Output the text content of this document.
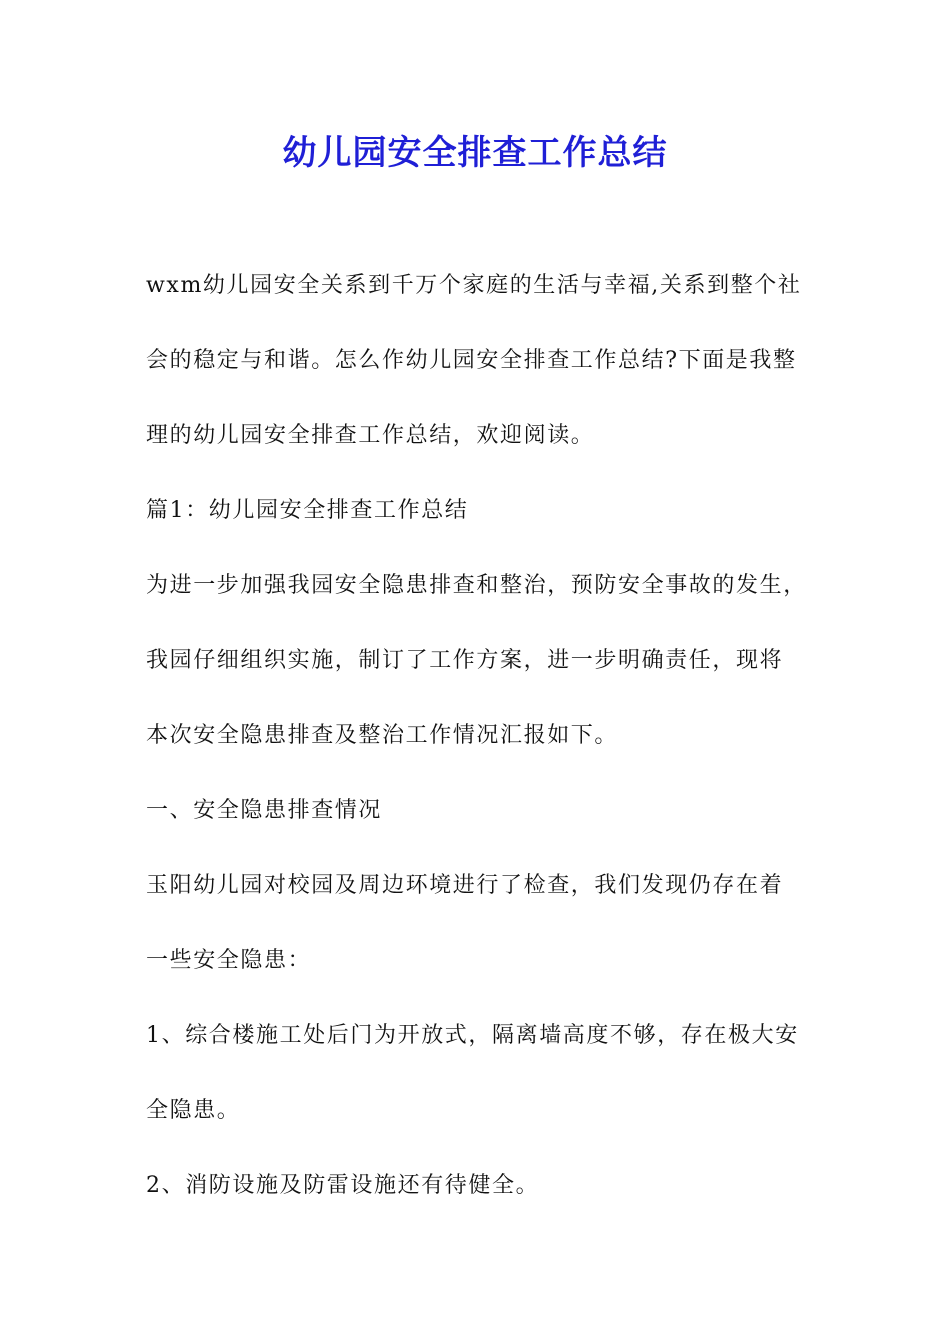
幼儿园安全排查工作总结

wxm幼儿园安全关系到千万个家庭的生活与幸福,关系到整个社

会的稳定与和谐。怎么作幼儿园安全排查工作总结?下面是我整

理的幼儿园安全排查工作总结，欢迎阅读。

篇1：幼儿园安全排查工作总结

为进一步加强我园安全隐患排查和整治，预防安全事故的发生，

我园仔细组织实施，制订了工作方案，进一步明确责任，现将

本次安全隐患排查及整治工作情况汇报如下。

一、安全隐患排查情况

玉阳幼儿园对校园及周边环境进行了检查，我们发现仍存在着

一些安全隐患：

1、综合楼施工处后门为开放式，隔离墙高度不够，存在极大安

全隐患。

2、消防设施及防雷设施还有待健全。
